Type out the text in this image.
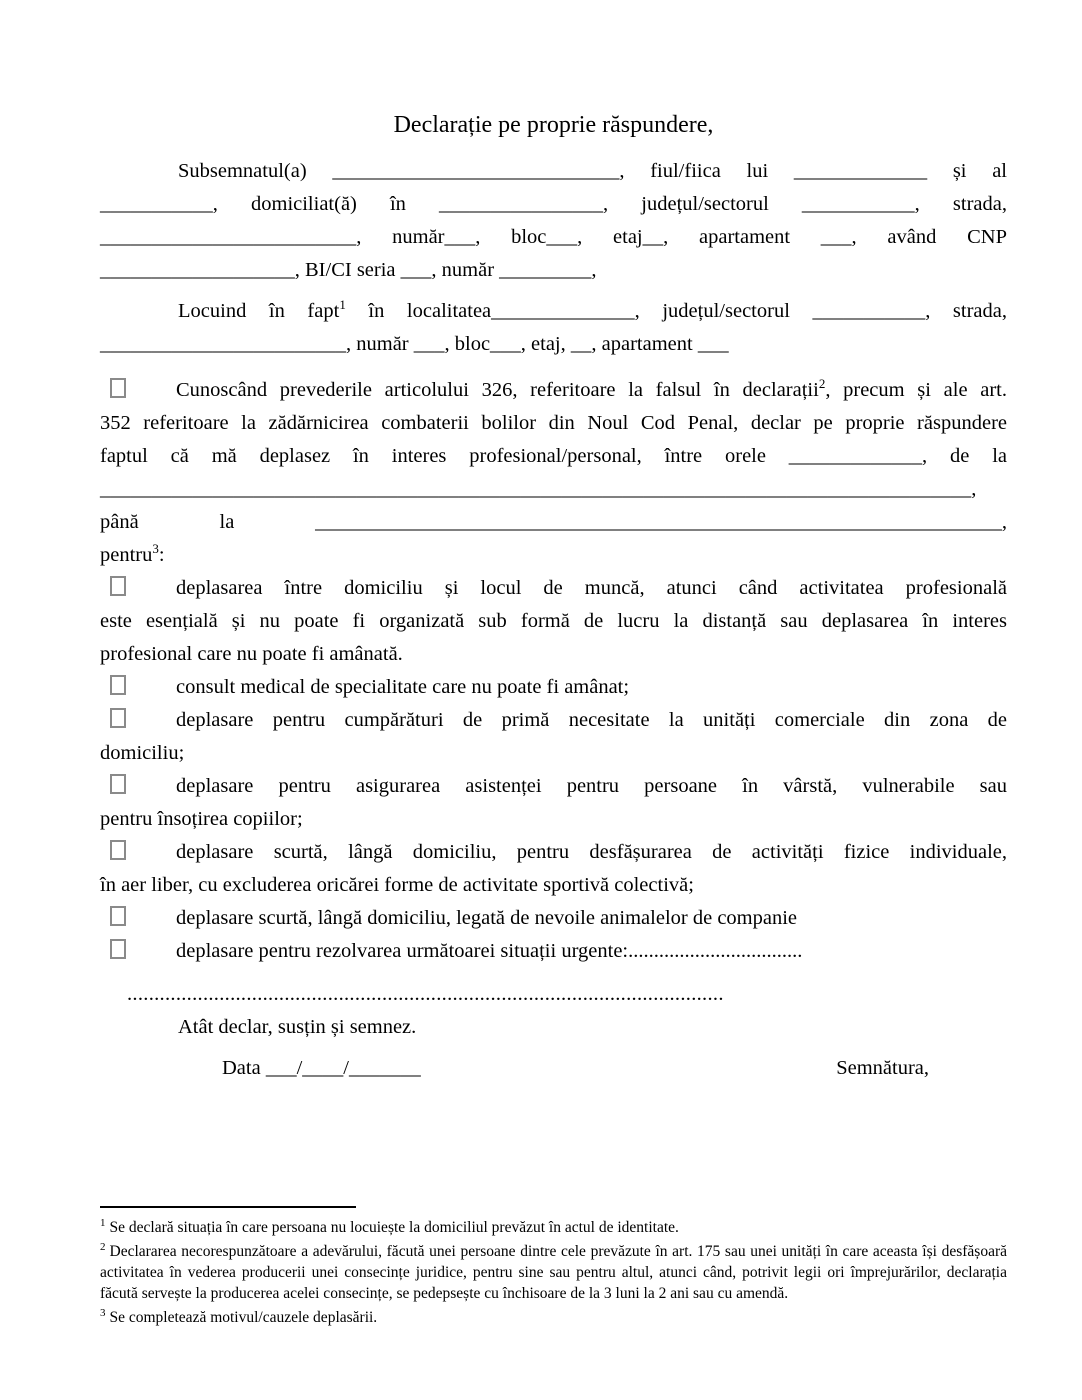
Declarație pe proprie răspundere,
Subsemnatul(a) ____________________________, fiul/fiica lui _____________ și al
___________, domiciliat(ă) în ________________, județul/sectorul ___________, strada,
_________________________, număr___, bloc___, etaj__, apartament ___, având CNP
___________________, BI/CI seria ___, număr _________,
Locuind în fapt$^1$ în localitatea______________, județul/sectorul ___________, strada,
________________________, număr ___, bloc___, etaj, __, apartament ___
Cunoscând prevederile articolului 326, referitoare la falsul în declarații$^2$, precum și ale art.
352 referitoare la zădărnicirea combaterii bolilor din Noul Cod Penal, declar pe proprie răspundere
faptul că mă deplasez în interes profesional/personal, între orele _____________, de la
_____________________________________________________________________________________,
până la ___________________________________________________________________,
pentru$^3$:
deplasarea între domiciliu și locul de muncă, atunci când activitatea profesională
este esențială și nu poate fi organizată sub formă de lucru la distanță sau deplasarea în interes
profesional care nu poate fi amânată.
consult medical de specialitate care nu poate fi amânat;
deplasare pentru cumpărături de primă necesitate la unități comerciale din zona de
domiciliu;
deplasare pentru asigurarea asistenței pentru persoane în vârstă, vulnerabile sau
pentru însoțirea copiilor;
deplasare scurtă, lângă domiciliu, pentru desfășurarea de activități fizice individuale,
în aer liber, cu excluderea oricărei forme de activitate sportivă colectivă;
deplasare scurtă, lângă domiciliu, legată de nevoile animalelor de companie
deplasare pentru rezolvarea următoarei situații urgente:..................................
..............................................................................................................
Atât declar, susțin și semnez.
Data ___/____/_______	Semnătura,
$^1$ Se declară situația în care persoana nu locuiește la domiciliul prevăzut în actul de identitate.
$^2$ Declararea necorespunzătoare a adevărului, făcută unei persoane dintre cele prevăzute în art. 175 sau unei unități în care aceasta își desfășoară activitatea în vederea producerii unei consecințe juridice, pentru sine sau pentru altul, atunci când, potrivit legii ori împrejurărilor, declarația făcută servește la producerea acelei consecințe, se pedepsește cu închisoare de la 3 luni la 2 ani sau cu amendă.
$^3$ Se completează motivul/cauzele deplasării.
